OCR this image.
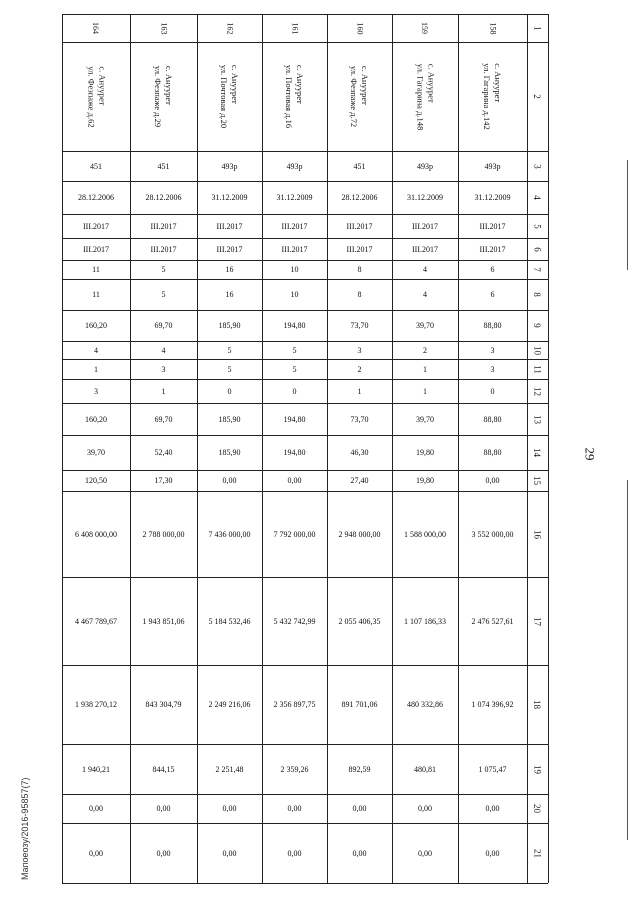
1
2
3
4
5
6
7
8
9
10
11
12
13
14
15
16
17
18
19
20
21
164
с. Ануурет
ул. Фезпаже д.62
451
28.12.2006
III.2017
III.2017
11
11
160,20
4
1
3
160,20
39,70
120,50
6 408 000,00
4 467 789,67
1 938 270,12
1 940,21
0,00
0,00
163
с. Ануурет
ул. Фезпаже д.29
451
28.12.2006
III.2017
III.2017
5
5
69,70
4
3
1
69,70
52,40
17,30
2 788 000,00
1 943 851,06
843 304,79
844,15
0,00
0,00
162
с. Ануурет
ул. Почтовая д.20
493р
31.12.2009
III.2017
III.2017
16
16
185,90
5
5
0
185,90
185,90
0,00
7 436 000,00
5 184 532,46
2 249 216,06
2 251,48
0,00
0,00
161
с. Ануурет
ул. Почтовая д.16
493р
31.12.2009
III.2017
III.2017
10
10
194,80
5
5
0
194,80
194,80
0,00
7 792 000,00
5 432 742,99
2 356 897,75
2 359,26
0,00
0,00
160
с. Ануурет
ул. Фезпаже д.72
451
28.12.2006
III.2017
III.2017
8
8
73,70
3
2
1
73,70
46,30
27,40
2 948 000,00
2 055 406,35
891 701,06
892,59
0,00
0,00
159
с. Ануурет
ул. Гагарина д.148
493р
31.12.2009
III.2017
III.2017
4
4
39,70
2
1
1
39,70
19,80
19,80
1 588 000,00
1 107 186,33
480 332,86
480,81
0,00
0,00
158
с. Ануурет
ул. Гагарина д.142
493р
31.12.2009
III.2017
III.2017
6
6
88,80
3
3
0
88,80
88,80
0,00
3 552 000,00
2 476 527,61
1 074 396,92
1 075,47
0,00
0,00
29
Мапоеозу/2016-95857(7)
